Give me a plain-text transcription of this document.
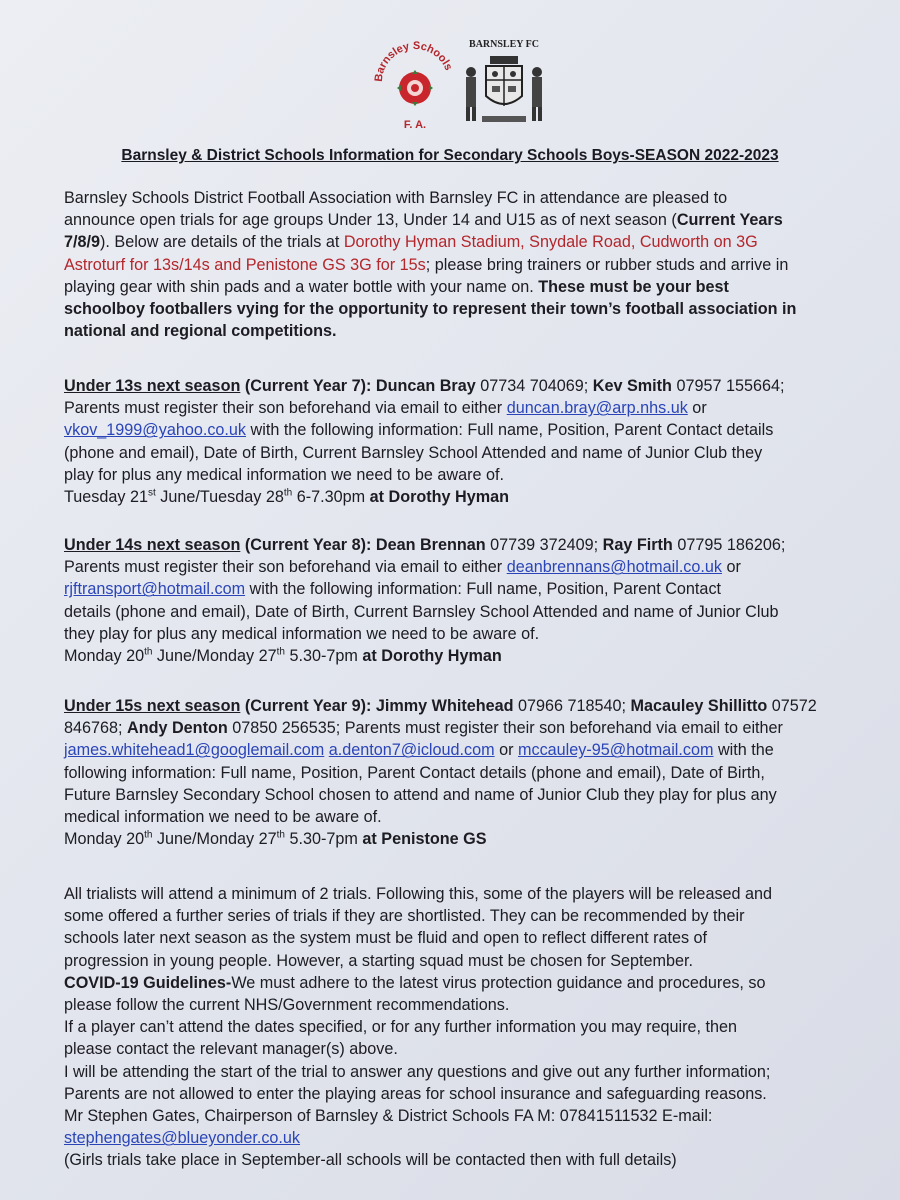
Barnsley Schools
F. A.
BARNSLEY FC
Barnsley & District Schools Information for Secondary Schools Boys-SEASON 2022-2023
Barnsley Schools District Football Association with Barnsley FC in attendance are pleased to
announce open trials for age groups Under 13, Under 14 and U15 as of next season (Current Years
7/8/9). Below are details of the trials at Dorothy Hyman Stadium, Snydale Road, Cudworth on 3G
Astroturf for 13s/14s and Penistone GS 3G for 15s; please bring trainers or rubber studs and arrive in
playing gear with shin pads and a water bottle with your name on. These must be your best
schoolboy footballers vying for the opportunity to represent their town’s football association in
national and regional competitions.
Under 13s next season (Current Year 7): Duncan Bray 07734 704069; Kev Smith 07957 155664;
Parents must register their son beforehand via email to either duncan.bray@arp.nhs.uk or
vkov_1999@yahoo.co.uk with the following information: Full name, Position, Parent Contact details
(phone and email), Date of Birth, Current Barnsley School Attended and name of Junior Club they
play for plus any medical information we need to be aware of.
Tuesday 21st June/Tuesday 28th 6-7.30pm at Dorothy Hyman
Under 14s next season (Current Year 8): Dean Brennan 07739 372409; Ray Firth 07795 186206;
Parents must register their son beforehand via email to either deanbrennans@hotmail.co.uk or
rjftransport@hotmail.com with the following information: Full name, Position, Parent Contact
details (phone and email), Date of Birth, Current Barnsley School Attended and name of Junior Club
they play for plus any medical information we need to be aware of.
Monday 20th June/Monday 27th 5.30-7pm at Dorothy Hyman
Under 15s next season (Current Year 9): Jimmy Whitehead 07966 718540; Macauley Shillitto 07572
846768; Andy Denton 07850 256535; Parents must register their son beforehand via email to either
james.whitehead1@googlemail.com a.denton7@icloud.com or mccauley-95@hotmail.com with the
following information: Full name, Position, Parent Contact details (phone and email), Date of Birth,
Future Barnsley Secondary School chosen to attend and name of Junior Club they play for plus any
medical information we need to be aware of.
Monday 20th June/Monday 27th 5.30-7pm at Penistone GS
All trialists will attend a minimum of 2 trials. Following this, some of the players will be released and
some offered a further series of trials if they are shortlisted. They can be recommended by their
schools later next season as the system must be fluid and open to reflect different rates of
progression in young people. However, a starting squad must be chosen for September.
COVID-19 Guidelines-We must adhere to the latest virus protection guidance and procedures, so
please follow the current NHS/Government recommendations.
If a player can’t attend the dates specified, or for any further information you may require, then
please contact the relevant manager(s) above.
I will be attending the start of the trial to answer any questions and give out any further information;
Parents are not allowed to enter the playing areas for school insurance and safeguarding reasons.
Mr Stephen Gates, Chairperson of Barnsley & District Schools FA M: 07841511532 E-mail:
stephengates@blueyonder.co.uk
(Girls trials take place in September-all schools will be contacted then with full details)
